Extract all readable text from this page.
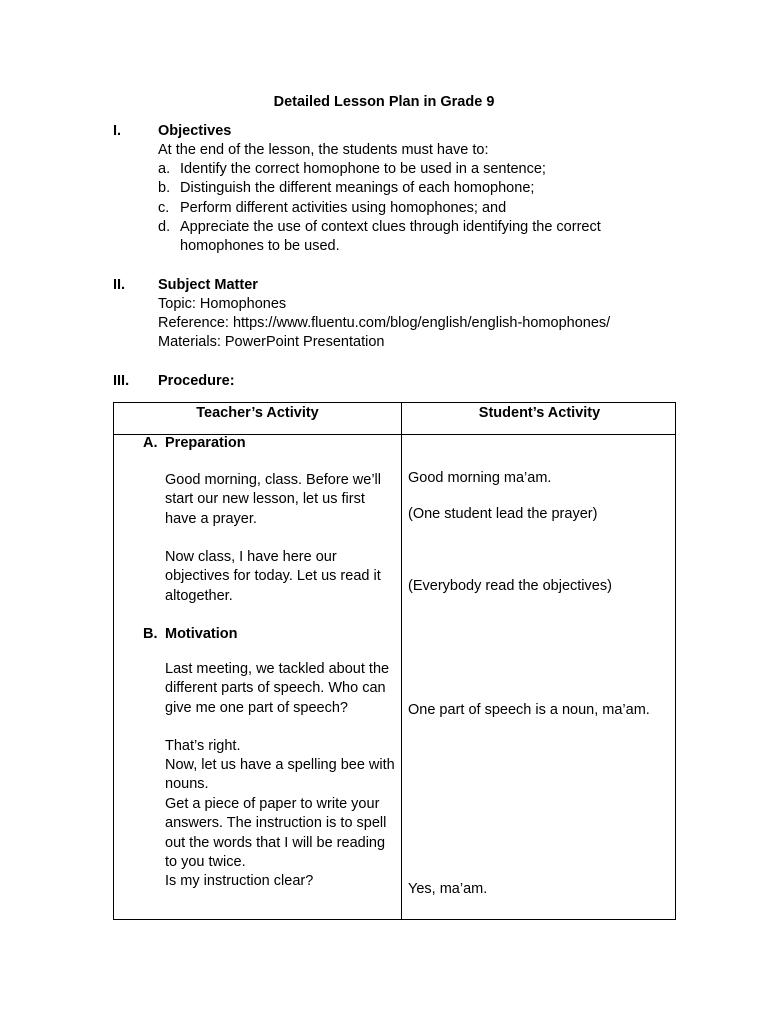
Detailed Lesson Plan in Grade 9
I.	Objectives
At the end of the lesson, the students must have to:
a. Identify the correct homophone to be used in a sentence;
b. Distinguish the different meanings of each homophone;
c. Perform different activities using homophones; and
d. Appreciate the use of context clues through identifying the correct homophones to be used.
II. Subject Matter
Topic: Homophones
Reference: https://www.fluentu.com/blog/english/english-homophones/
Materials: PowerPoint Presentation
III. Procedure:
Teacher’s Activity	Student’s Activity
A. Preparation
Good morning, class. Before we’ll start our new lesson, let us first have a prayer.
Now class, I have here our objectives for today. Let us read it altogether.
Good morning ma’am.
(One student lead the prayer)
(Everybody read the objectives)
B. Motivation
Last meeting, we tackled about the different parts of speech. Who can give me one part of speech?
That’s right.
Now, let us have a spelling bee with nouns.
Get a piece of paper to write your answers. The instruction is to spell out the words that I will be reading to you twice.
Is my instruction clear?
One part of speech is a noun, ma’am.
Yes, ma’am.
